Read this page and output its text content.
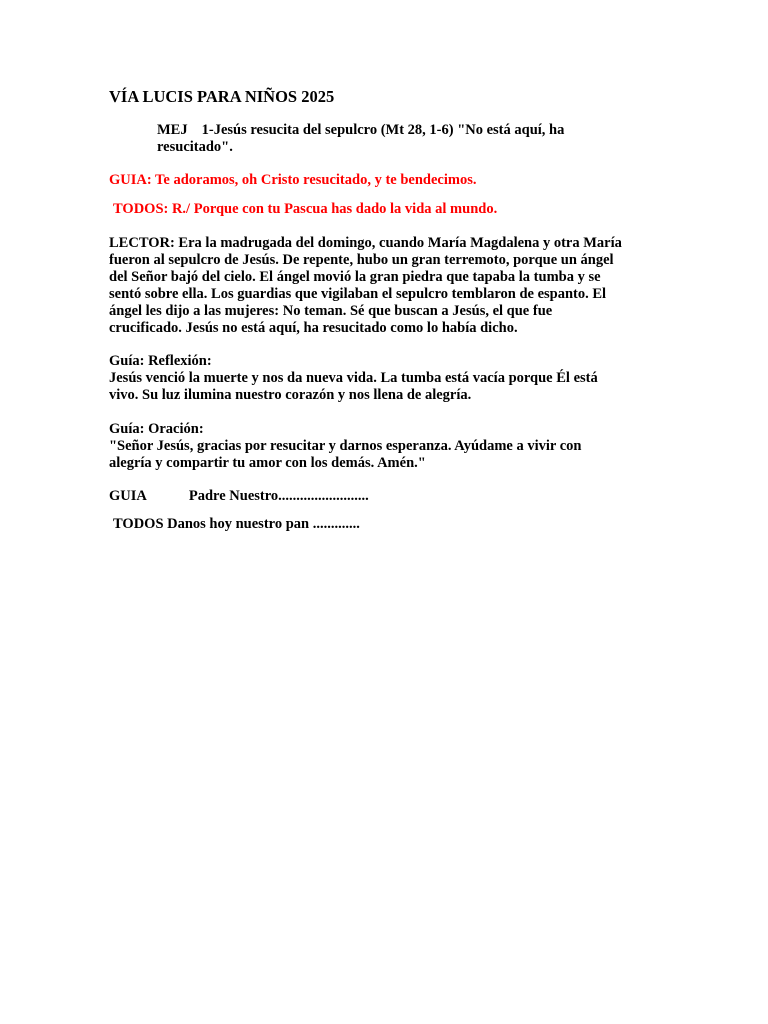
VÍA LUCIS PARA NIÑOS 2025
MEJ 1-Jesús resucita del sepulcro (Mt 28, 1-6) "No está aquí, ha
resucitado".
GUIA: Te adoramos, oh Cristo resucitado, y te bendecimos.
TODOS: R./ Porque con tu Pascua has dado la vida al mundo.

LECTOR: Era la madrugada del domingo, cuando María Magdalena y otra María

fueron al sepulcro de Jesús. De repente, hubo un gran terremoto, porque un ángel

del Señor bajó del cielo. El ángel movió la gran piedra que tapaba la tumba y se

sentó sobre ella. Los guardias que vigilaban el sepulcro temblaron de espanto. El

ángel les dijo a las mujeres: No teman. Sé que buscan a Jesús, el que fue

crucificado. Jesús no está aquí, ha resucitado como lo había dicho.

Guía: Reflexión:

Jesús venció la muerte y nos da nueva vida. La tumba está vacía porque Él está

vivo. Su luz ilumina nuestro corazón y nos llena de alegría.

Guía: Oración:

"Señor Jesús, gracias por resucitar y darnos esperanza. Ayúdame a vivir con

alegría y compartir tu amor con los demás. Amén."

GUIA	Padre Nuestro.........................
TODOS Danos hoy nuestro pan .............
